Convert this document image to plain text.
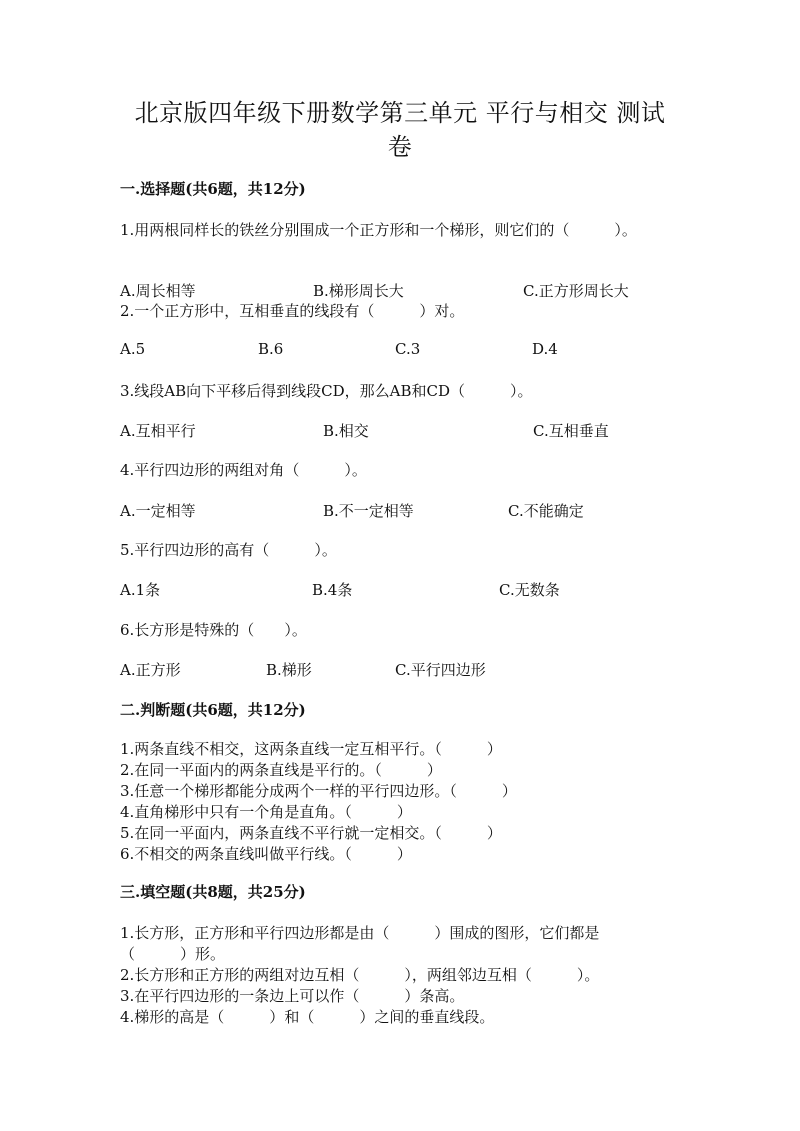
北京版四年级下册数学第三单元 平行与相交 测试
卷
一.选择题(共6题，共12分)
1.用两根同样长的铁丝分别围成一个正方形和一个梯形，则它们的（　　　）。
A.周长相等	B.梯形周长大	C.正方形周长大
2.一个正方形中，互相垂直的线段有（　　　）对。
A.5	B.6	C.3	D.4
3.线段AB向下平移后得到线段CD，那么AB和CD（　　　）。
A.互相平行	B.相交	C.互相垂直
4.平行四边形的两组对角（　　　）。
A.一定相等	B.不一定相等	C.不能确定
5.平行四边形的高有（　　　）。
A.1条	B.4条	C.无数条
6.长方形是特殊的（　　）。
A.正方形	B.梯形	C.平行四边形
二.判断题(共6题，共12分)
1.两条直线不相交，这两条直线一定互相平行。（　　　）
2.在同一平面内的两条直线是平行的。（　　　）
3.任意一个梯形都能分成两个一样的平行四边形。（　　　）
4.直角梯形中只有一个角是直角。（　　　）
5.在同一平面内，两条直线不平行就一定相交。（　　　）
6.不相交的两条直线叫做平行线。（　　　）
三.填空题(共8题，共25分)
1.长方形，正方形和平行四边形都是由（　　　）围成的图形，它们都是
（　　　）形。
2.长方形和正方形的两组对边互相（　　　），两组邻边互相（　　　）。
3.在平行四边形的一条边上可以作（　　　）条高。
4.梯形的高是（　　　）和（　　　）之间的垂直线段。
